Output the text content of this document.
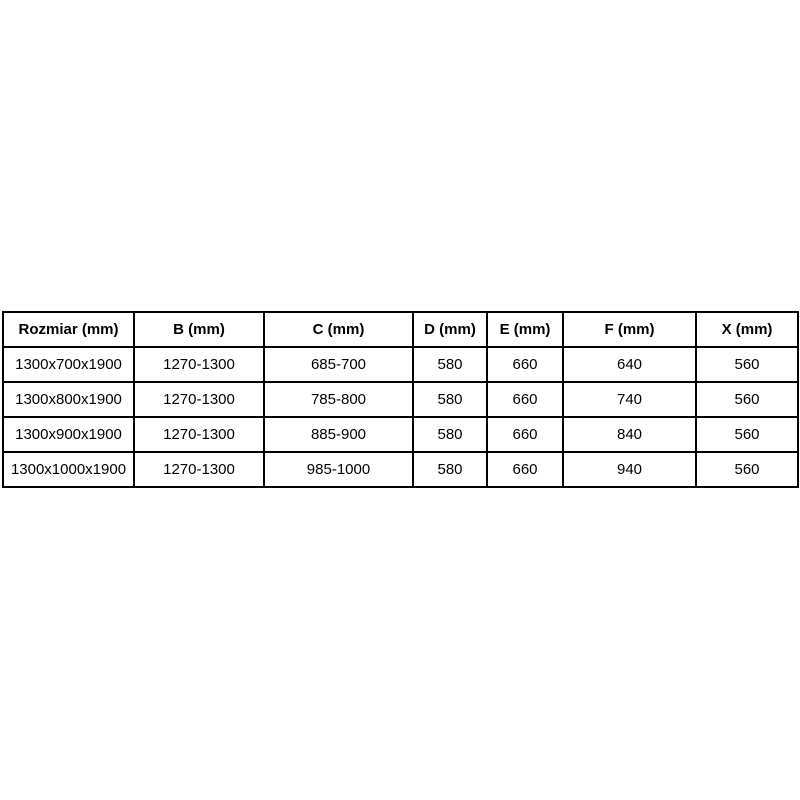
Rozmiar (mm)	B (mm)	C (mm)	D (mm)	E (mm)	F (mm)	X (mm)
1300x700x1900	1270-1300	685-700	580	660	640	560
1300x800x1900	1270-1300	785-800	580	660	740	560
1300x900x1900	1270-1300	885-900	580	660	840	560
1300x1000x1900	1270-1300	985-1000	580	660	940	560
